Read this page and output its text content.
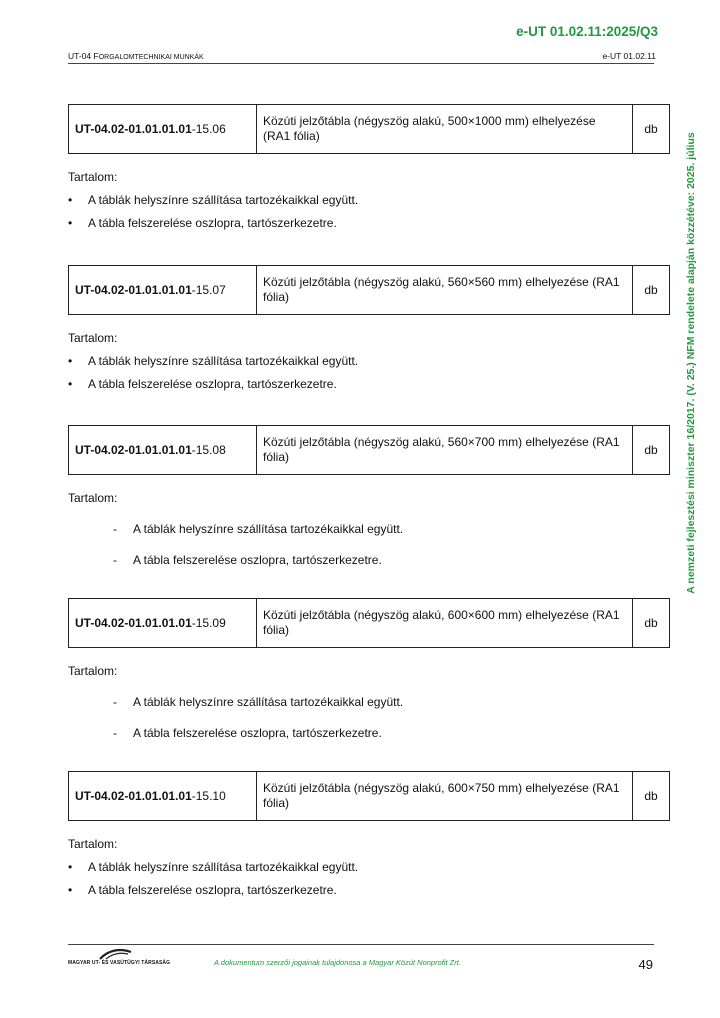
e-UT 01.02.11:2025/Q3
UT-04 FORGALOMTECHNIKAI MUNKÁK	e-UT 01.02.11
A nemzeti fejlesztési miniszter 16/2017. (V. 25.) NFM rendelete alapján közzétéve: 2025. július
UT-04.02-01.01.01.01-15.06	Közúti jelzőtábla (négyszög alakú, 500×1000 mm) elhelyezése (RA1 fólia)	db
Tartalom:
• A táblák helyszínre szállítása tartozékaikkal együtt.
• A tábla felszerelése oszlopra, tartószerkezetre.
UT-04.02-01.01.01.01-15.07	Közúti jelzőtábla (négyszög alakú, 560×560 mm) elhelyezése (RA1 fólia)	db
Tartalom:
• A táblák helyszínre szállítása tartozékaikkal együtt.
• A tábla felszerelése oszlopra, tartószerkezetre.
UT-04.02-01.01.01.01-15.08	Közúti jelzőtábla (négyszög alakú, 560×700 mm) elhelyezése (RA1 fólia)	db
Tartalom:
- A táblák helyszínre szállítása tartozékaikkal együtt.
- A tábla felszerelése oszlopra, tartószerkezetre.
UT-04.02-01.01.01.01-15.09	Közúti jelzőtábla (négyszög alakú, 600×600 mm) elhelyezése (RA1 fólia)	db
Tartalom:
- A táblák helyszínre szállítása tartozékaikkal együtt.
- A tábla felszerelése oszlopra, tartószerkezetre.
UT-04.02-01.01.01.01-15.10	Közúti jelzőtábla (négyszög alakú, 600×750 mm) elhelyezése (RA1 fólia)	db
Tartalom:
• A táblák helyszínre szállítása tartozékaikkal együtt.
• A tábla felszerelése oszlopra, tartószerkezetre.
MAGYAR UT- ÉS VASÚTÜGYI TÁRSASÁG	A dokumentum szerzői jogainak tulajdonosa a Magyar Közút Nonprofit Zrt.	49
